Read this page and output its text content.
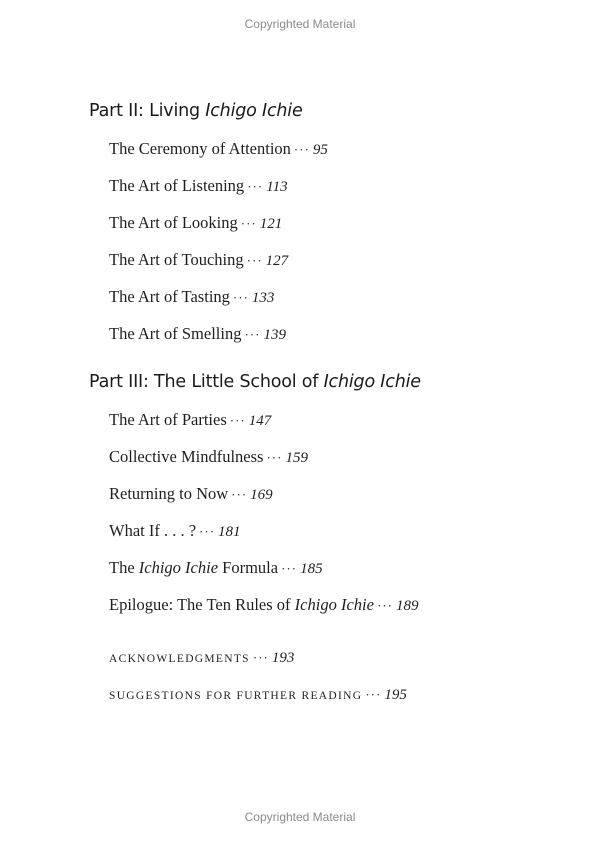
Copyrighted Material
Part II: Living Ichigo Ichie
The Ceremony of Attention ··· 95
The Art of Listening ··· 113
The Art of Looking ··· 121
The Art of Touching ··· 127
The Art of Tasting ··· 133
The Art of Smelling ··· 139
Part III: The Little School of Ichigo Ichie
The Art of Parties ··· 147
Collective Mindfulness ··· 159
Returning to Now ··· 169
What If . . . ? ··· 181
The Ichigo Ichie Formula ··· 185
Epilogue: The Ten Rules of Ichigo Ichie ··· 189
ACKNOWLEDGMENTS ··· 193
SUGGESTIONS FOR FURTHER READING ··· 195
Copyrighted Material
